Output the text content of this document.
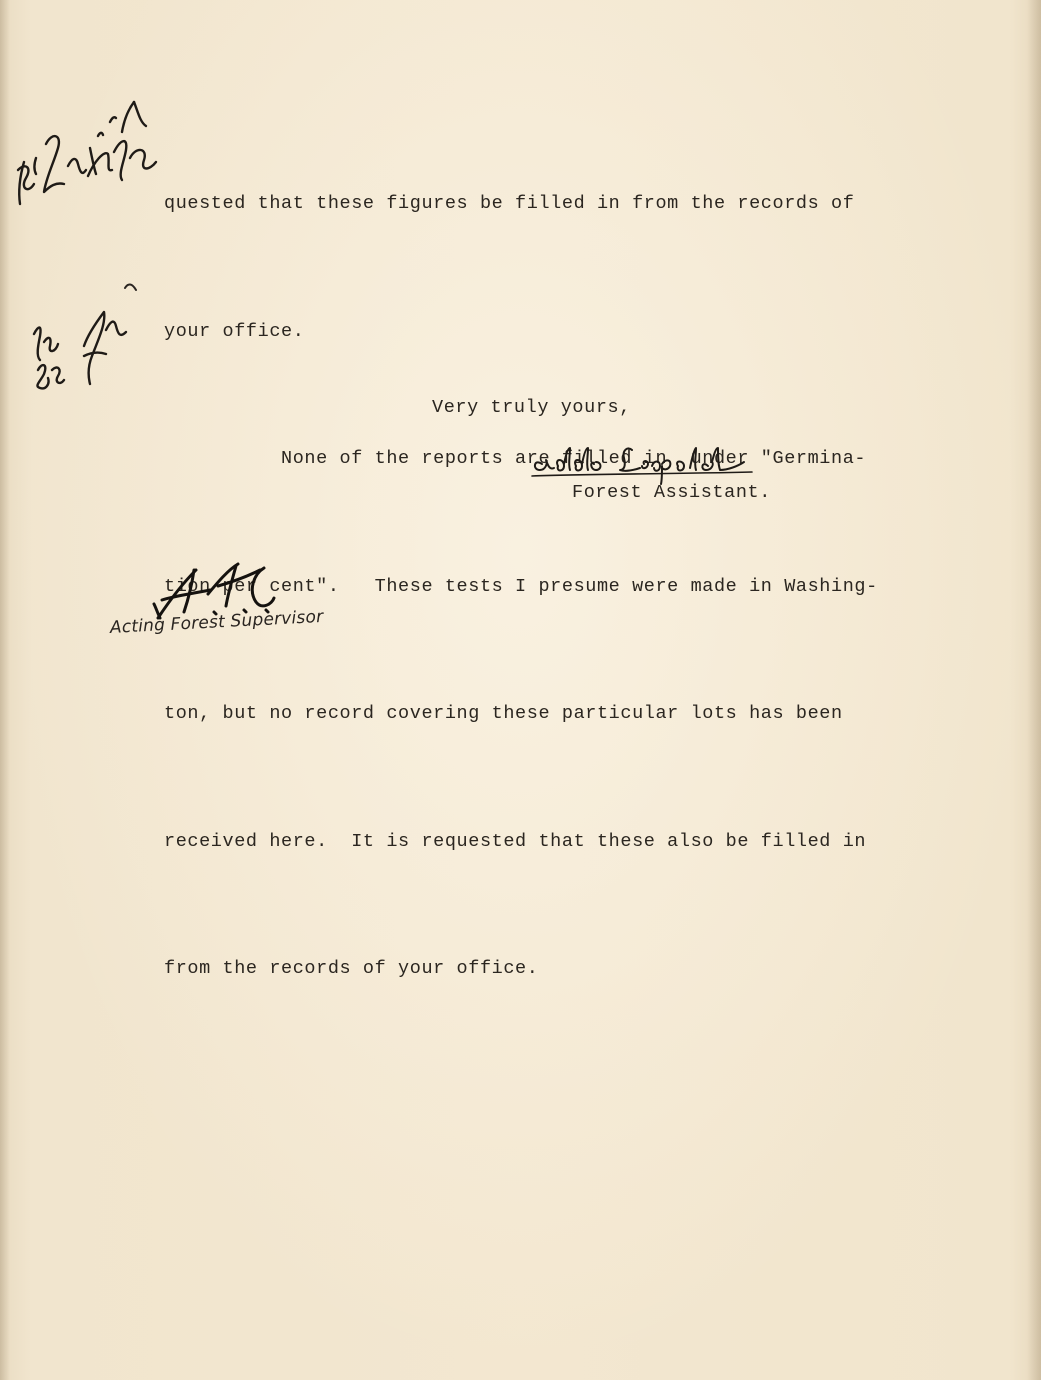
quested that these figures be filled in from the records of

your office.

None of the reports are filled in  under "Germina-

tion per cent".   These tests I presume were made in Washing-

ton, but no record covering these particular lots has been

received here.  It is requested that these also be filled in

from the records of your office.

Very truly yours,
Forest Assistant.
Acting Forest Supervisor
